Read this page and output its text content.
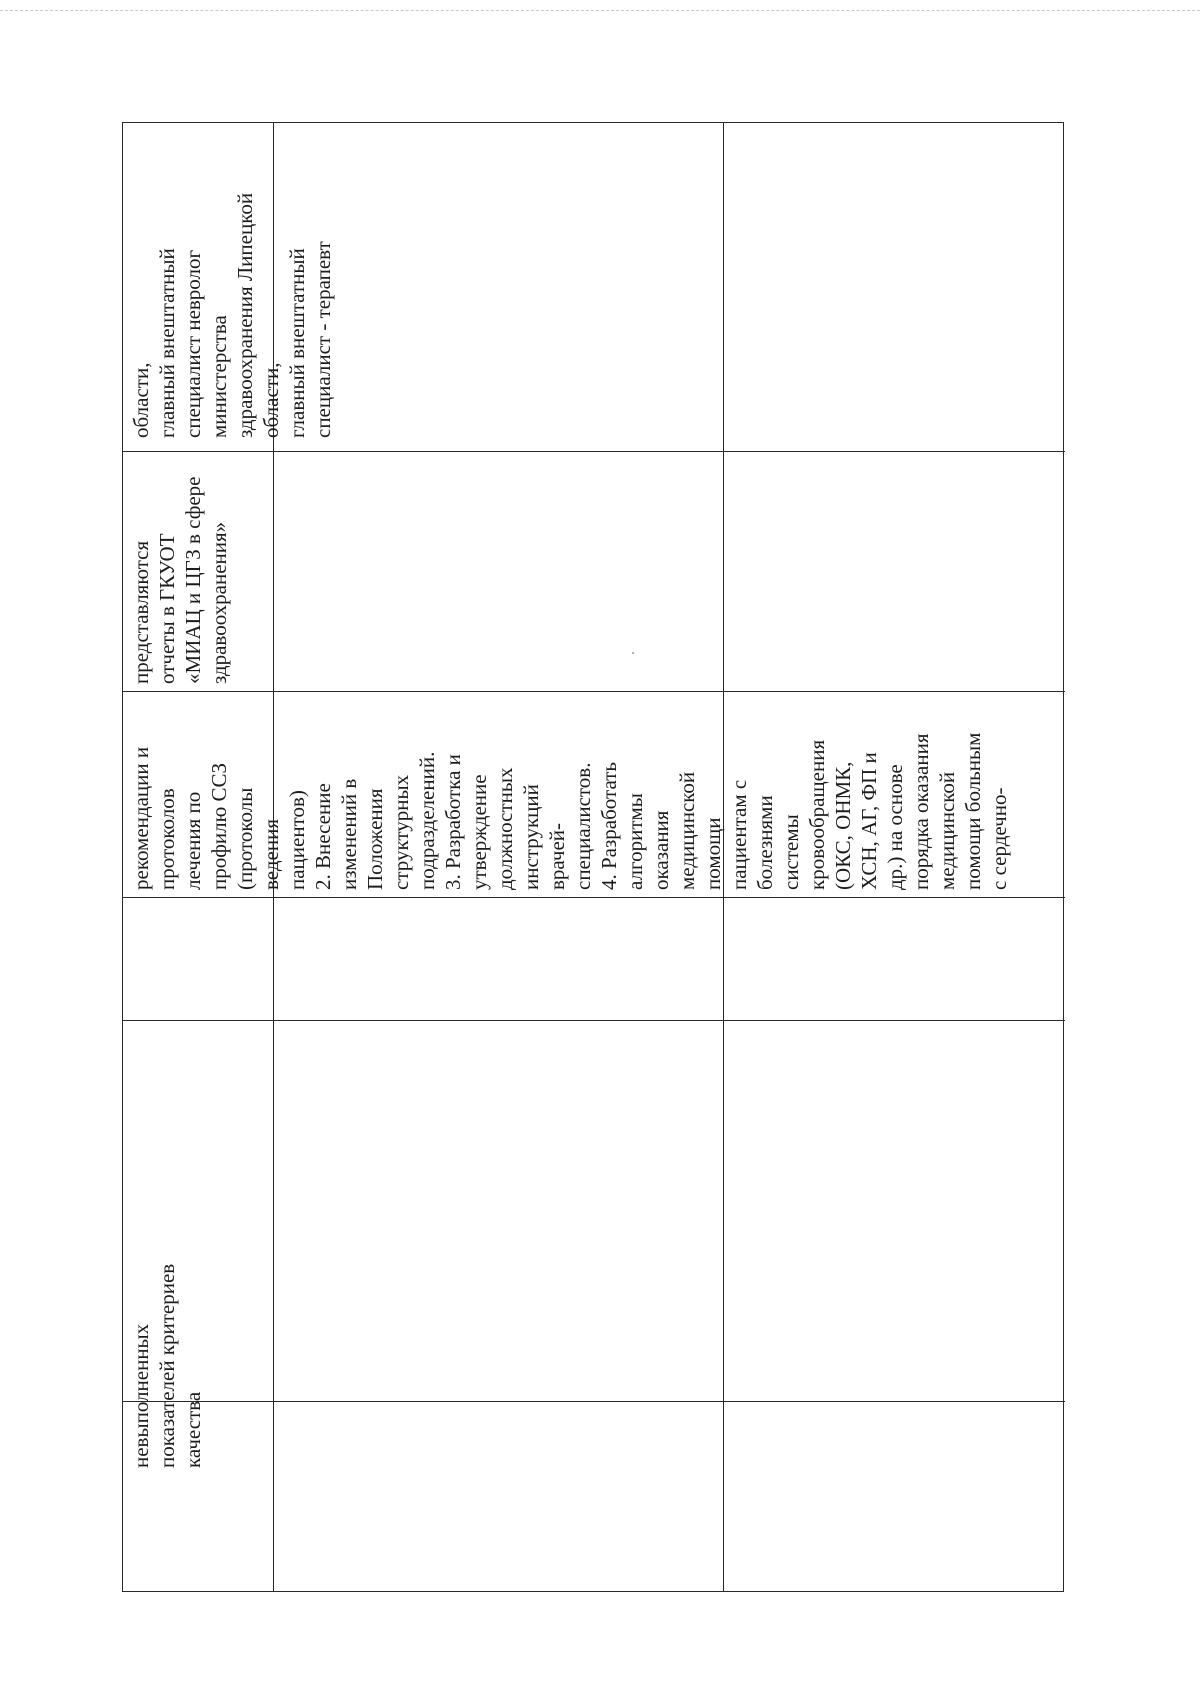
невыполненных
показателей критериев
качества
рекомендации и
протоколов
лечения по
профилю ССЗ
(протоколы
ведения
пациентов)
2. Внесение
изменений в
Положения
структурных
подразделений.
3. Разработка и
утверждение
должностных
инструкций
врачей-
специалистов.
4. Разработать
алгоритмы
оказания
медицинской
помощи
пациентам с
болезнями
системы
кровообращения
(ОКС, ОНМК,
ХСН, АГ, ФП и
др.) на основе
порядка оказания
медицинской
помощи больным
с сердечно-
представляются
отчеты в ГКУОТ
«МИАЦ и ЦГЗ в сфере
здравоохранения»
области,
главный внештатный
специалист невролог
министерства
здравоохранения Липецкой
области,
главный внештатный
специалист - терапевт
